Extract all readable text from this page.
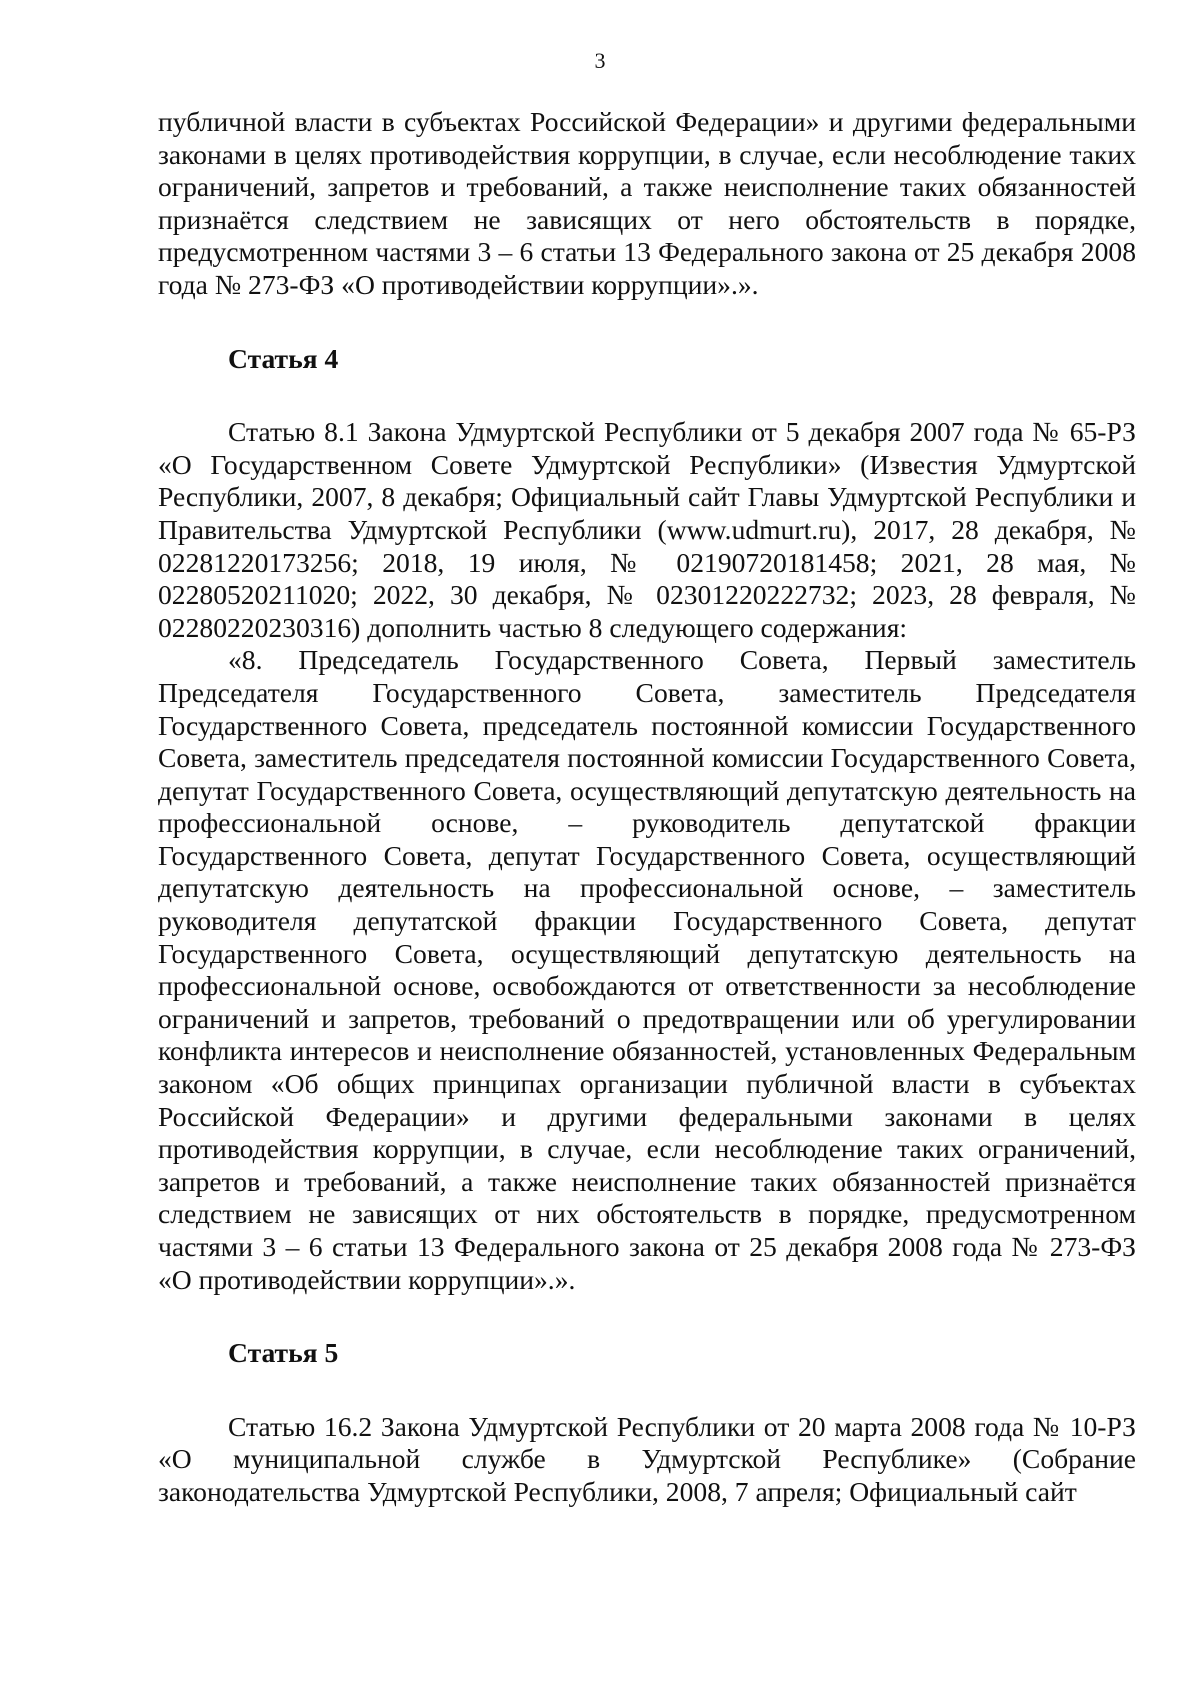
3

публичной власти в субъектах Российской Федерации» и другими федеральными законами в целях противодействия коррупции, в случае, если несоблюдение таких ограничений, запретов и требований, а также неисполнение таких обязанностей признаётся следствием не зависящих от него обстоятельств в порядке, предусмотренном частями 3 – 6 статьи 13 Федерального закона от 25 декабря 2008 года № 273-ФЗ «О противодействии коррупции».».

Статья 4

Статью 8.1 Закона Удмуртской Республики от 5 декабря 2007 года № 65-РЗ «О Государственном Совете Удмуртской Республики» (Известия Удмуртской Республики, 2007, 8 декабря; Официальный сайт Главы Удмуртской Республики и Правительства Удмуртской Республики (www.udmurt.ru), 2017, 28 декабря, № 02281220173256; 2018, 19 июля, № 02190720181458; 2021, 28 мая, № 02280520211020; 2022, 30 декабря, № 02301220222732; 2023, 28 февраля, № 02280220230316) дополнить частью 8 следующего содержания:

«8. Председатель Государственного Совета, Первый заместитель Председателя Государственного Совета, заместитель Председателя Государственного Совета, председатель постоянной комиссии Государственного Совета, заместитель председателя постоянной комиссии Государственного Совета, депутат Государственного Совета, осуществляющий депутатскую деятельность на профессиональной основе, – руководитель депутатской фракции Государственного Совета, депутат Государственного Совета, осуществляющий депутатскую деятельность на профессиональной основе, – заместитель руководителя депутатской фракции Государственного Совета, депутат Государственного Совета, осуществляющий депутатскую деятельность на профессиональной основе, освобождаются от ответственности за несоблюдение ограничений и запретов, требований о предотвращении или об урегулировании конфликта интересов и неисполнение обязанностей, установленных Федеральным законом «Об общих принципах организации публичной власти в субъектах Российской Федерации» и другими федеральными законами в целях противодействия коррупции, в случае, если несоблюдение таких ограничений, запретов и требований, а также неисполнение таких обязанностей признаётся следствием не зависящих от них обстоятельств в порядке, предусмотренном частями 3 – 6 статьи 13 Федерального закона от 25 декабря 2008 года № 273-ФЗ «О противодействии коррупции».».

Статья 5

Статью 16.2 Закона Удмуртской Республики от 20 марта 2008 года № 10-РЗ «О муниципальной службе в Удмуртской Республике» (Собрание законодательства Удмуртской Республики, 2008, 7 апреля; Официальный сайт
